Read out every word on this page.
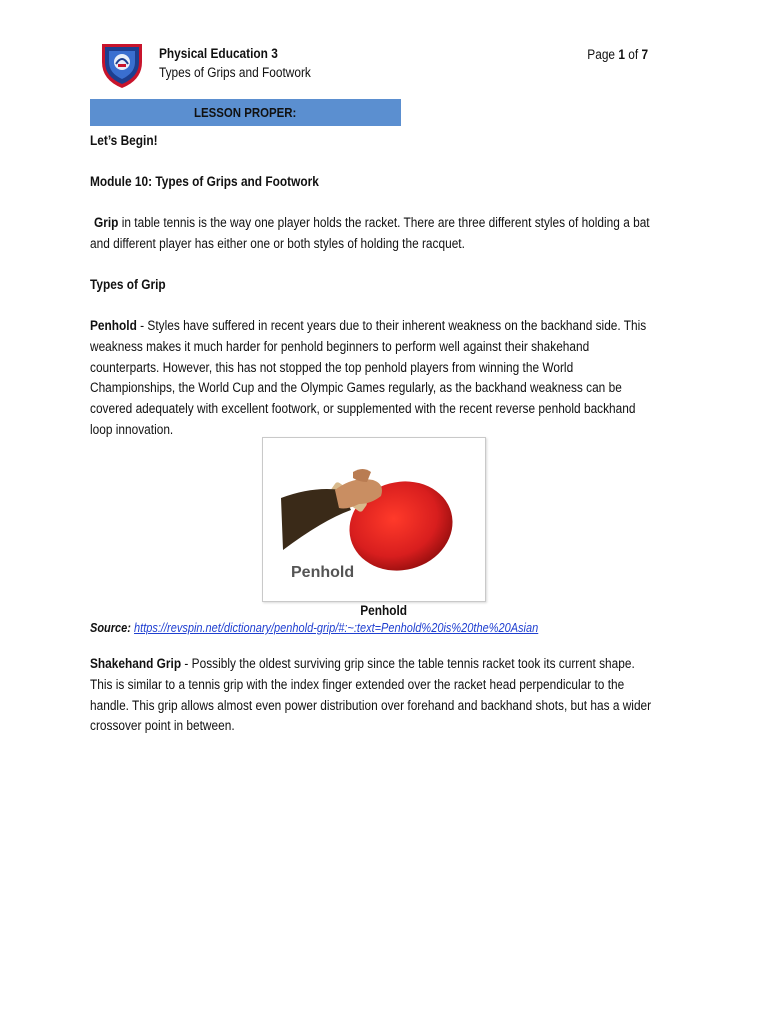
Physical Education 3
Types of Grips and Footwork
Page 1 of 7
LESSON PROPER:
Let’s Begin!
Module 10: Types of Grips and Footwork
Grip in table tennis is the way one player holds the racket. There are three different styles of holding a bat
and different player has either one or both styles of holding the racquet.
Types of Grip
Penhold - Styles have suffered in recent years due to their inherent weakness on the backhand side. This
weakness makes it much harder for penhold beginners to perform well against their shakehand
counterparts. However, this has not stopped the top penhold players from winning the World
Championships, the World Cup and the Olympic Games regularly, as the backhand weakness can be
covered adequately with excellent footwork, or supplemented with the recent reverse penhold backhand
loop innovation.
Penhold
Penhold
Source: https://revspin.net/dictionary/penhold-grip/#:~:text=Penhold%20is%20the%20Asian
Shakehand Grip - Possibly the oldest surviving grip since the table tennis racket took its current shape.
This is similar to a tennis grip with the index finger extended over the racket head perpendicular to the
handle. This grip allows almost even power distribution over forehand and backhand shots, but has a wider
crossover point in between.
